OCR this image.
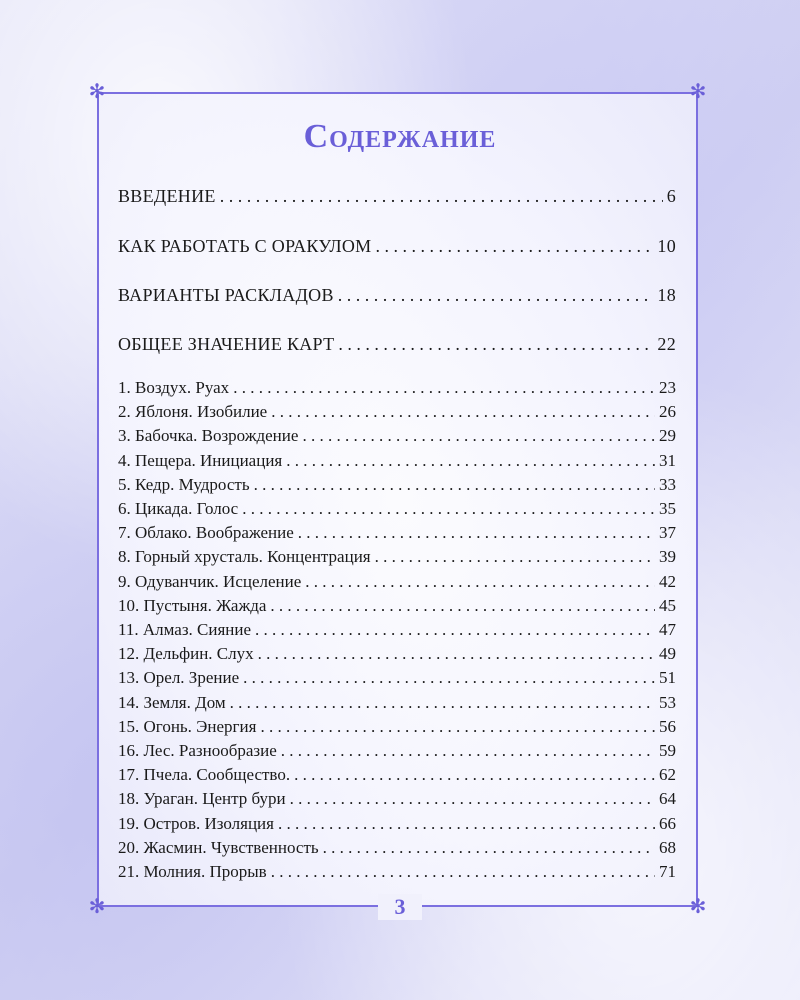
✻	✻
✻	✻
Содержание
ВВЕДЕНИЕ . . .	6
КАК РАБОТАТЬ С ОРАКУЛОМ . . .	10
ВАРИАНТЫ РАСКЛАДОВ . . .	18
ОБЩЕЕ ЗНАЧЕНИЕ КАРТ . . .	22
1. Воздух. Руах . . .	23
2. Яблоня. Изобилие . . .	26
3. Бабочка. Возрождение . . .	29
4. Пещера. Инициация . . .	31
5. Кедр. Мудрость . . .	33
6. Цикада. Голос . . .	35
7. Облако. Воображение . . .	37
8. Горный хрусталь. Концентрация . . .	39
9. Одуванчик. Исцеление . . .	42
10. Пустыня. Жажда . . .	45
11. Алмаз. Сияние . . .	47
12. Дельфин. Слух . . .	49
13. Орел. Зрение . . .	51
14. Земля. Дом . . .	53
15. Огонь. Энергия . . .	56
16. Лес. Разнообразие . . .	59
17. Пчела. Сообщество. . . .	62
18. Ураган. Центр бури . . .	64
19. Остров. Изоляция . . .	66
20. Жасмин. Чувственность . . .	68
21. Молния. Прорыв . . .	71
3
